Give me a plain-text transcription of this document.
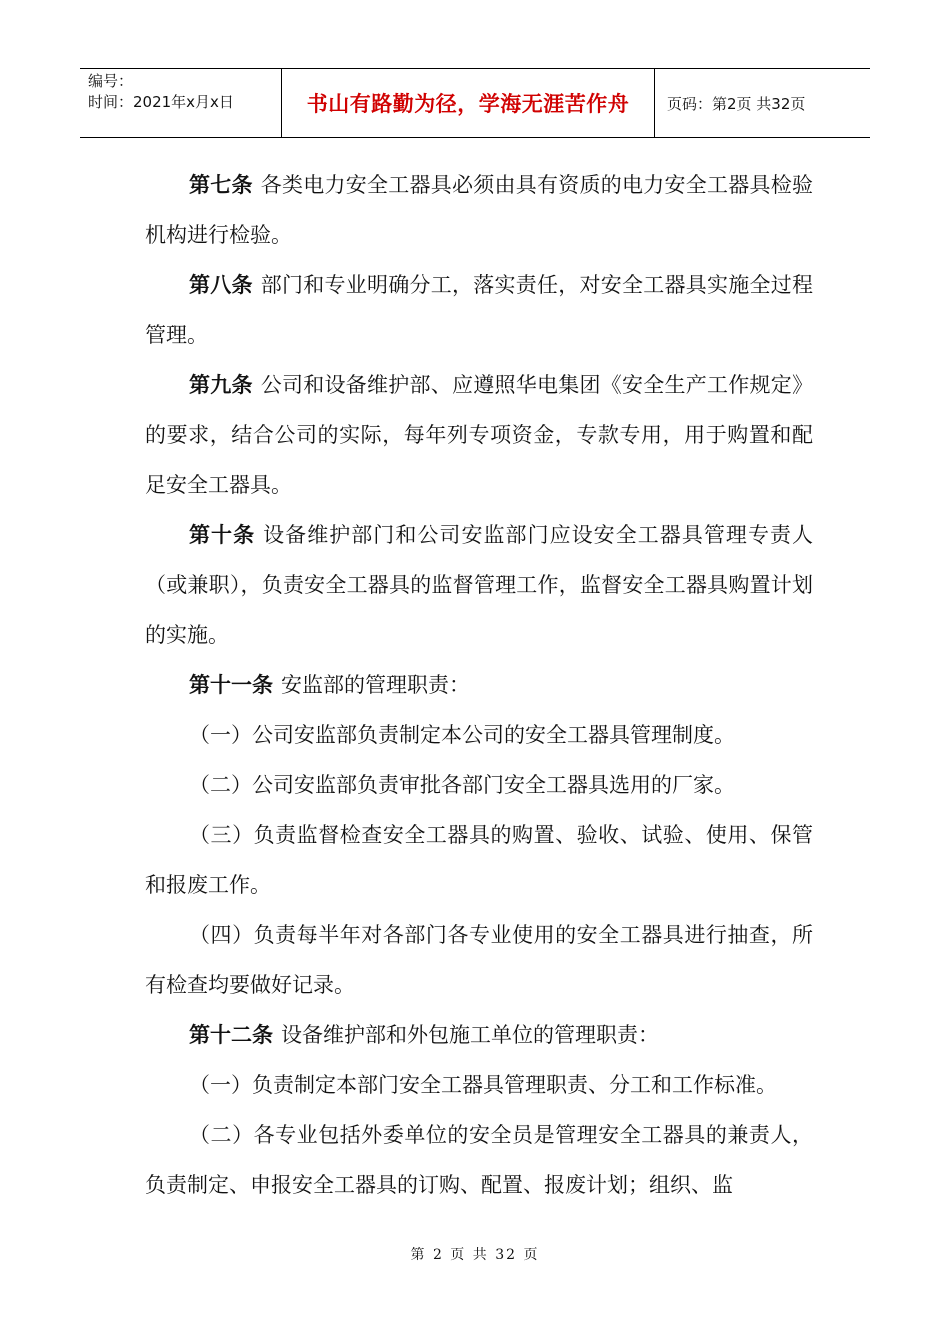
编号：
时间：2021年x月x日	书山有路勤为径，学海无涯苦作舟	页码：第2页 共32页

第七条 各类电力安全工器具必须由具有资质的电力安全工器具检验机构进行检验。

第八条 部门和专业明确分工，落实责任，对安全工器具实施全过程管理。

第九条 公司和设备维护部、应遵照华电集团《安全生产工作规定》的要求，结合公司的实际，每年列专项资金，专款专用，用于购置和配足安全工器具。

第十条 设备维护部门和公司安监部门应设安全工器具管理专责人（或兼职），负责安全工器具的监督管理工作，监督安全工器具购置计划的实施。

第十一条 安监部的管理职责：

（一）公司安监部负责制定本公司的安全工器具管理制度。

（二）公司安监部负责审批各部门安全工器具选用的厂家。

（三）负责监督检查安全工器具的购置、验收、试验、使用、保管和报废工作。

（四）负责每半年对各部门各专业使用的安全工器具进行抽查，所有检查均要做好记录。

第十二条 设备维护部和外包施工单位的管理职责：

（一）负责制定本部门安全工器具管理职责、分工和工作标准。

（二）各专业包括外委单位的安全员是管理安全工器具的兼责人，负责制定、申报安全工器具的订购、配置、报废计划；组织、监

第 2 页 共 32 页
